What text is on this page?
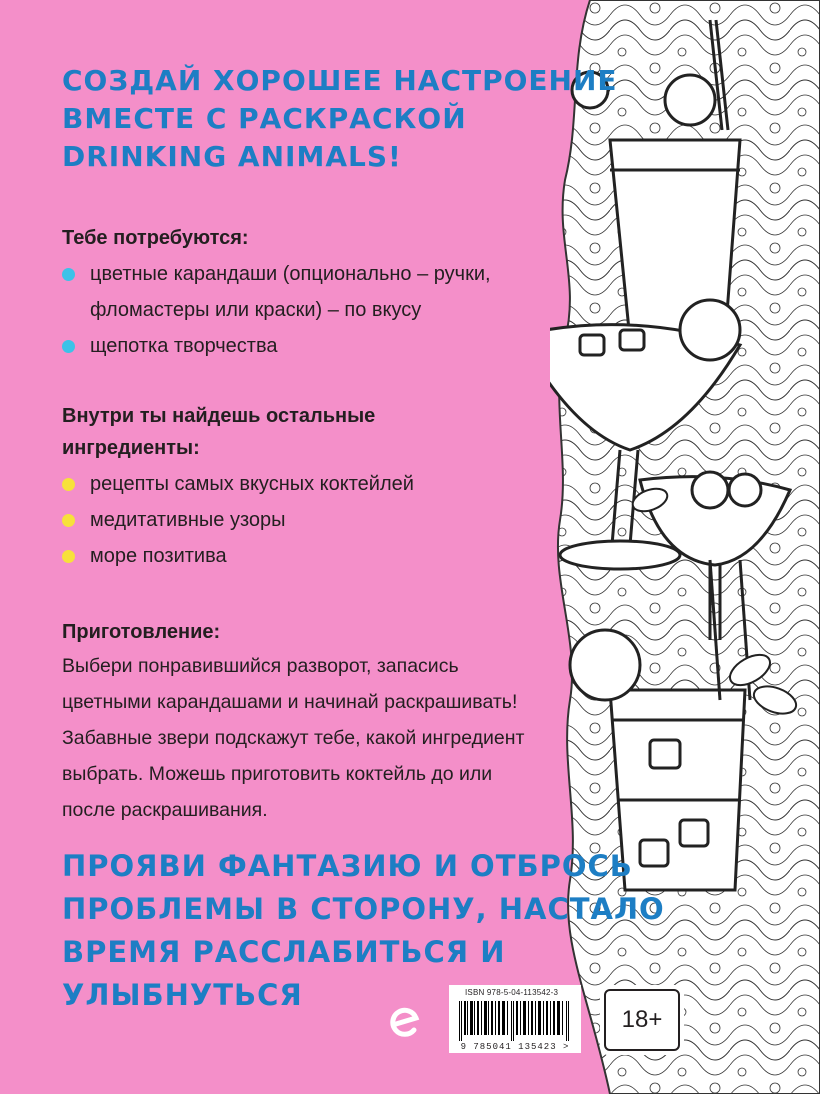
СОЗДАЙ ХОРОШЕЕ НАСТРОЕНИЕ
ВМЕСТЕ С РАСКРАСКОЙ
DRINKING ANIMALS!
Тебе потребуются:
цветные карандаши (опционально – ручки, фломастеры или краски) – по вкусу
щепотка творчества
Внутри ты найдешь остальные
ингредиенты:
рецепты самых вкусных коктейлей
медитативные узоры
море позитива
Приготовление:

Выбери понравившийся разворот, запасись
цветными карандашами и начинай раскрашивать!
Забавные звери подскажут тебе, какой ингредиент
выбрать. Можешь приготовить коктейль до или
после раскрашивания.

ПРОЯВИ ФАНТАЗИЮ И ОТБРОСЬ
ПРОБЛЕМЫ В СТОРОНУ, НАСТАЛО
ВРЕМЯ РАССЛАБИТЬСЯ И
УЛЫБНУТЬСЯ	ISBN 978-5-04-113542-3
9 785041 135423 >
18+
